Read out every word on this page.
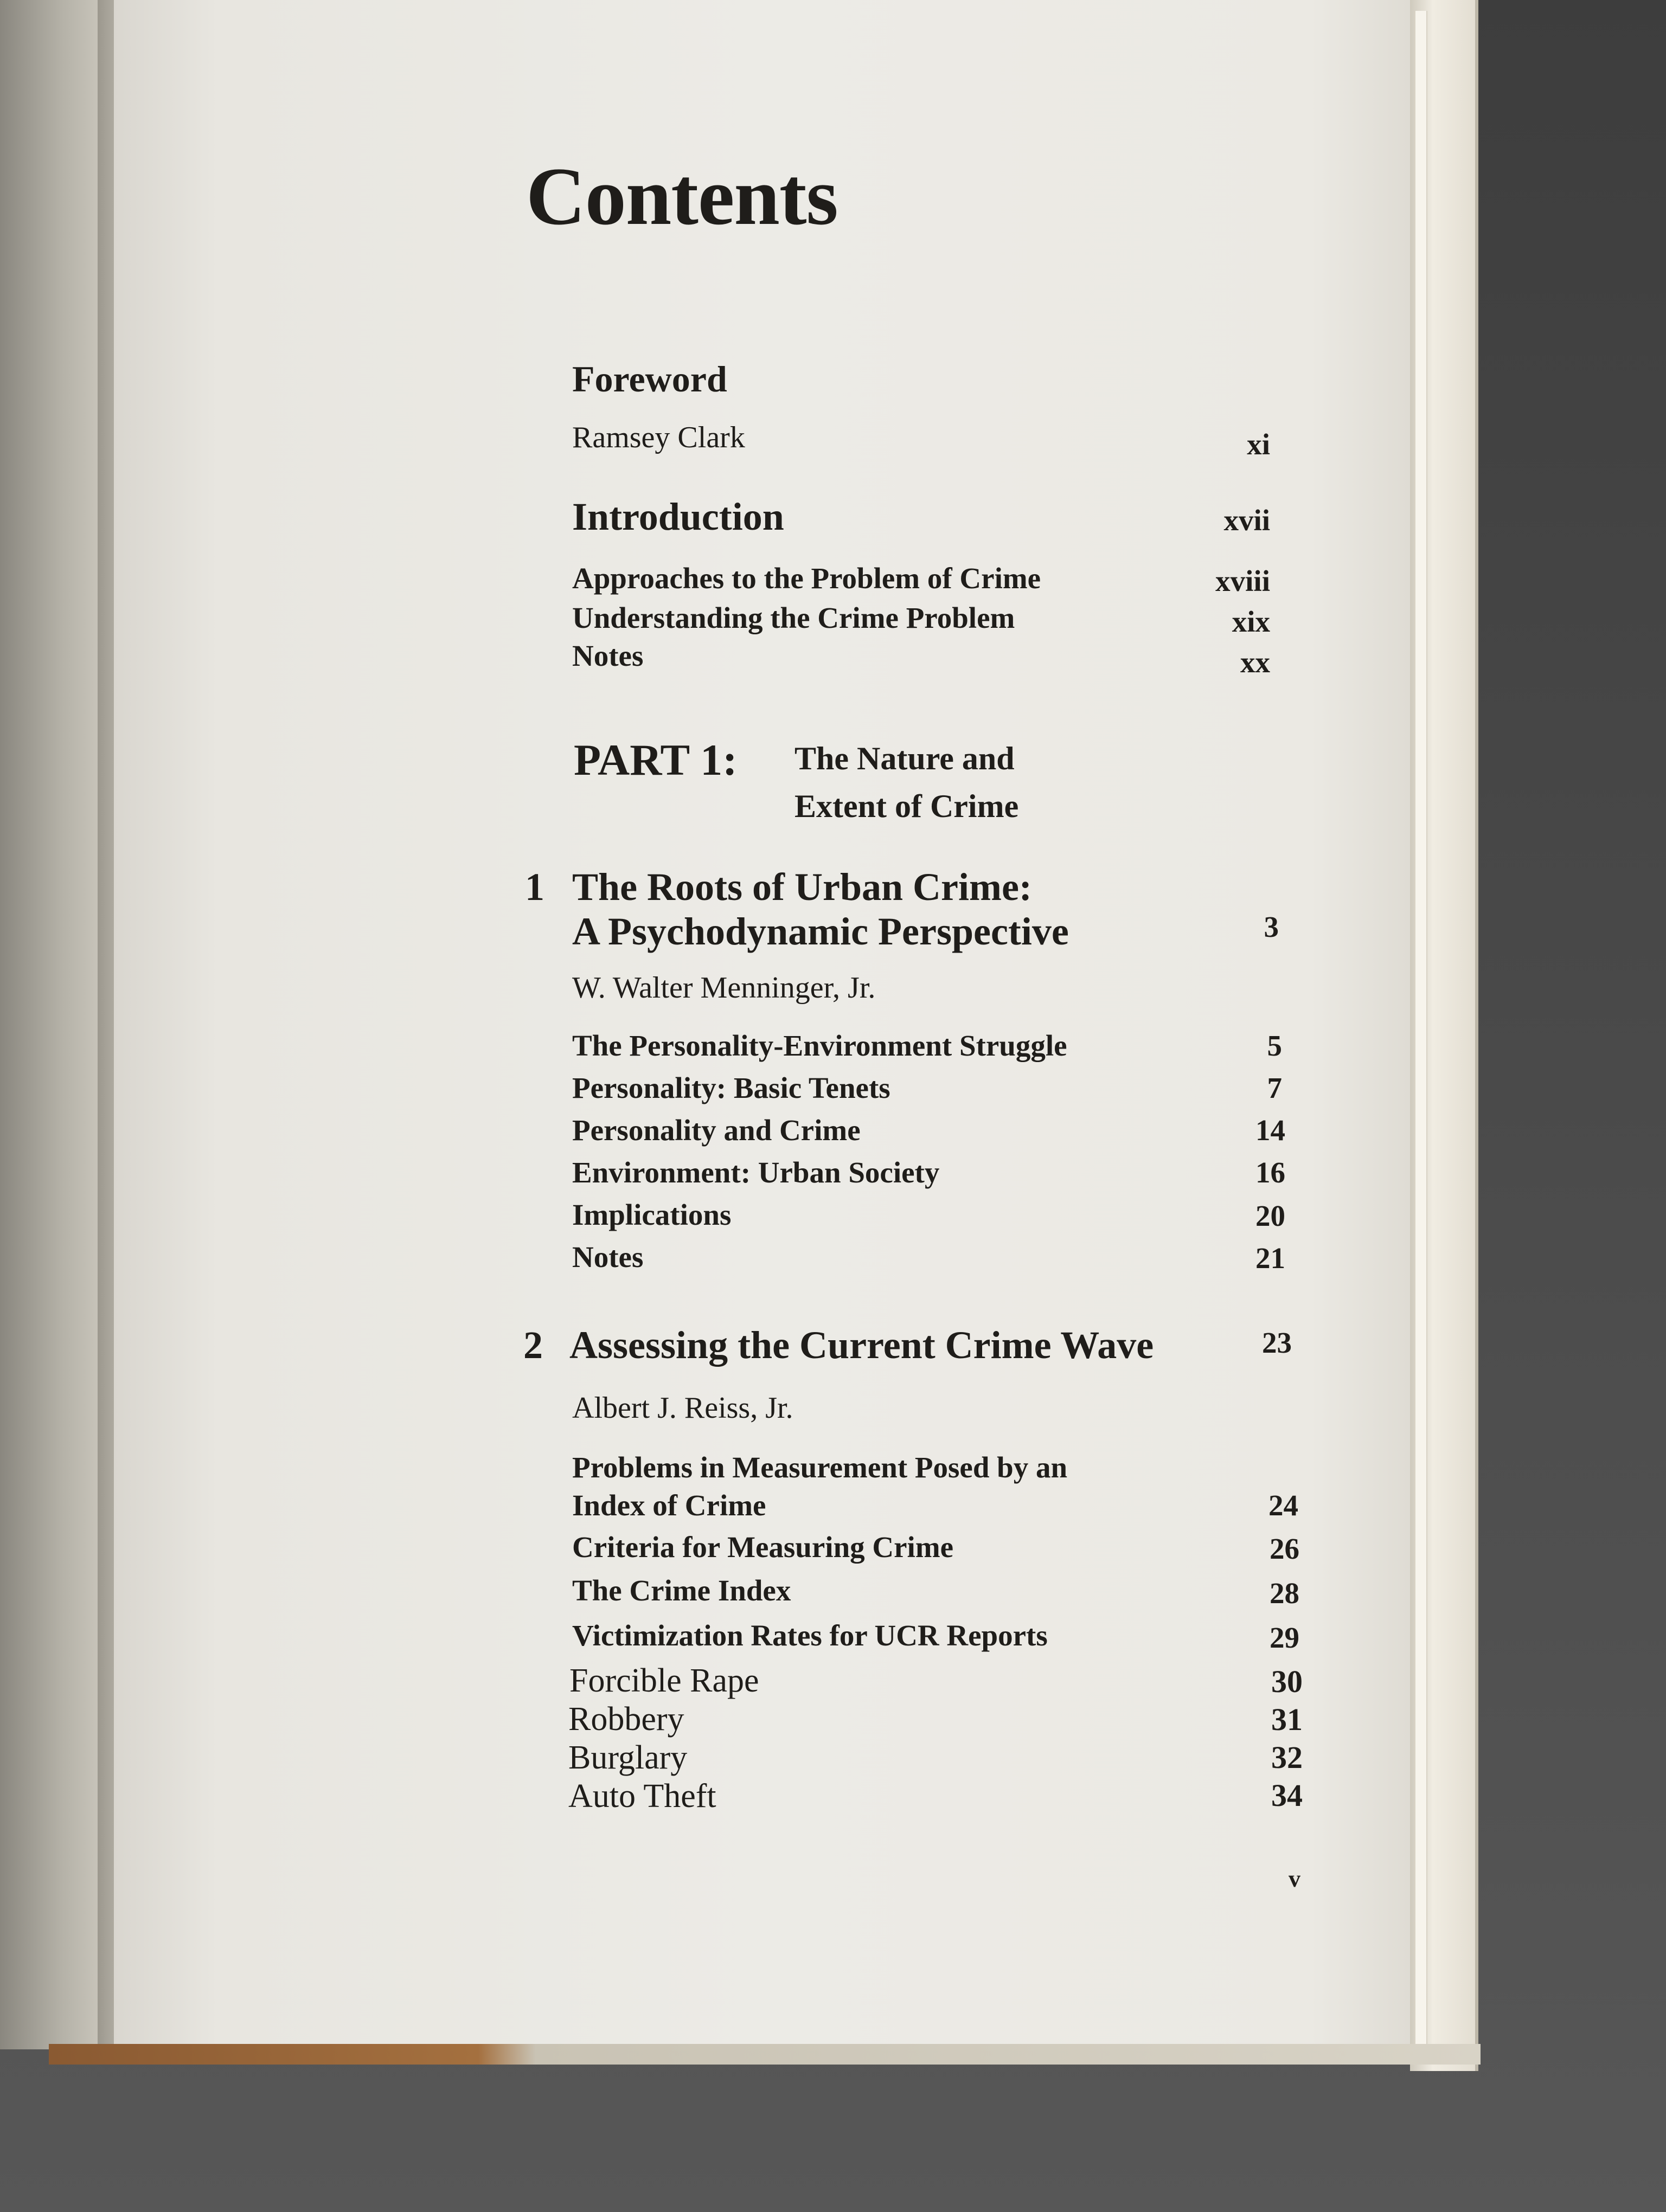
Contents
Foreword
Ramsey Clark	xi
Introduction	xvii
Approaches to the Problem of Crime	xviii
Understanding the Crime Problem	xix
Notes	xx
PART 1: The Nature and
Extent of Crime
1 The Roots of Urban Crime:
A Psychodynamic Perspective	3
W. Walter Menninger, Jr.
The Personality-Environment Struggle	5
Personality: Basic Tenets	7
Personality and Crime	14
Environment: Urban Society	16
Implications	20
Notes	21
2 Assessing the Current Crime Wave	23
Albert J. Reiss, Jr.
Problems in Measurement Posed by an
Index of Crime	24
Criteria for Measuring Crime	26
The Crime Index	28
Victimization Rates for UCR Reports	29
Forcible Rape	30
Robbery	31
Burglary	32
Auto Theft	34
v
